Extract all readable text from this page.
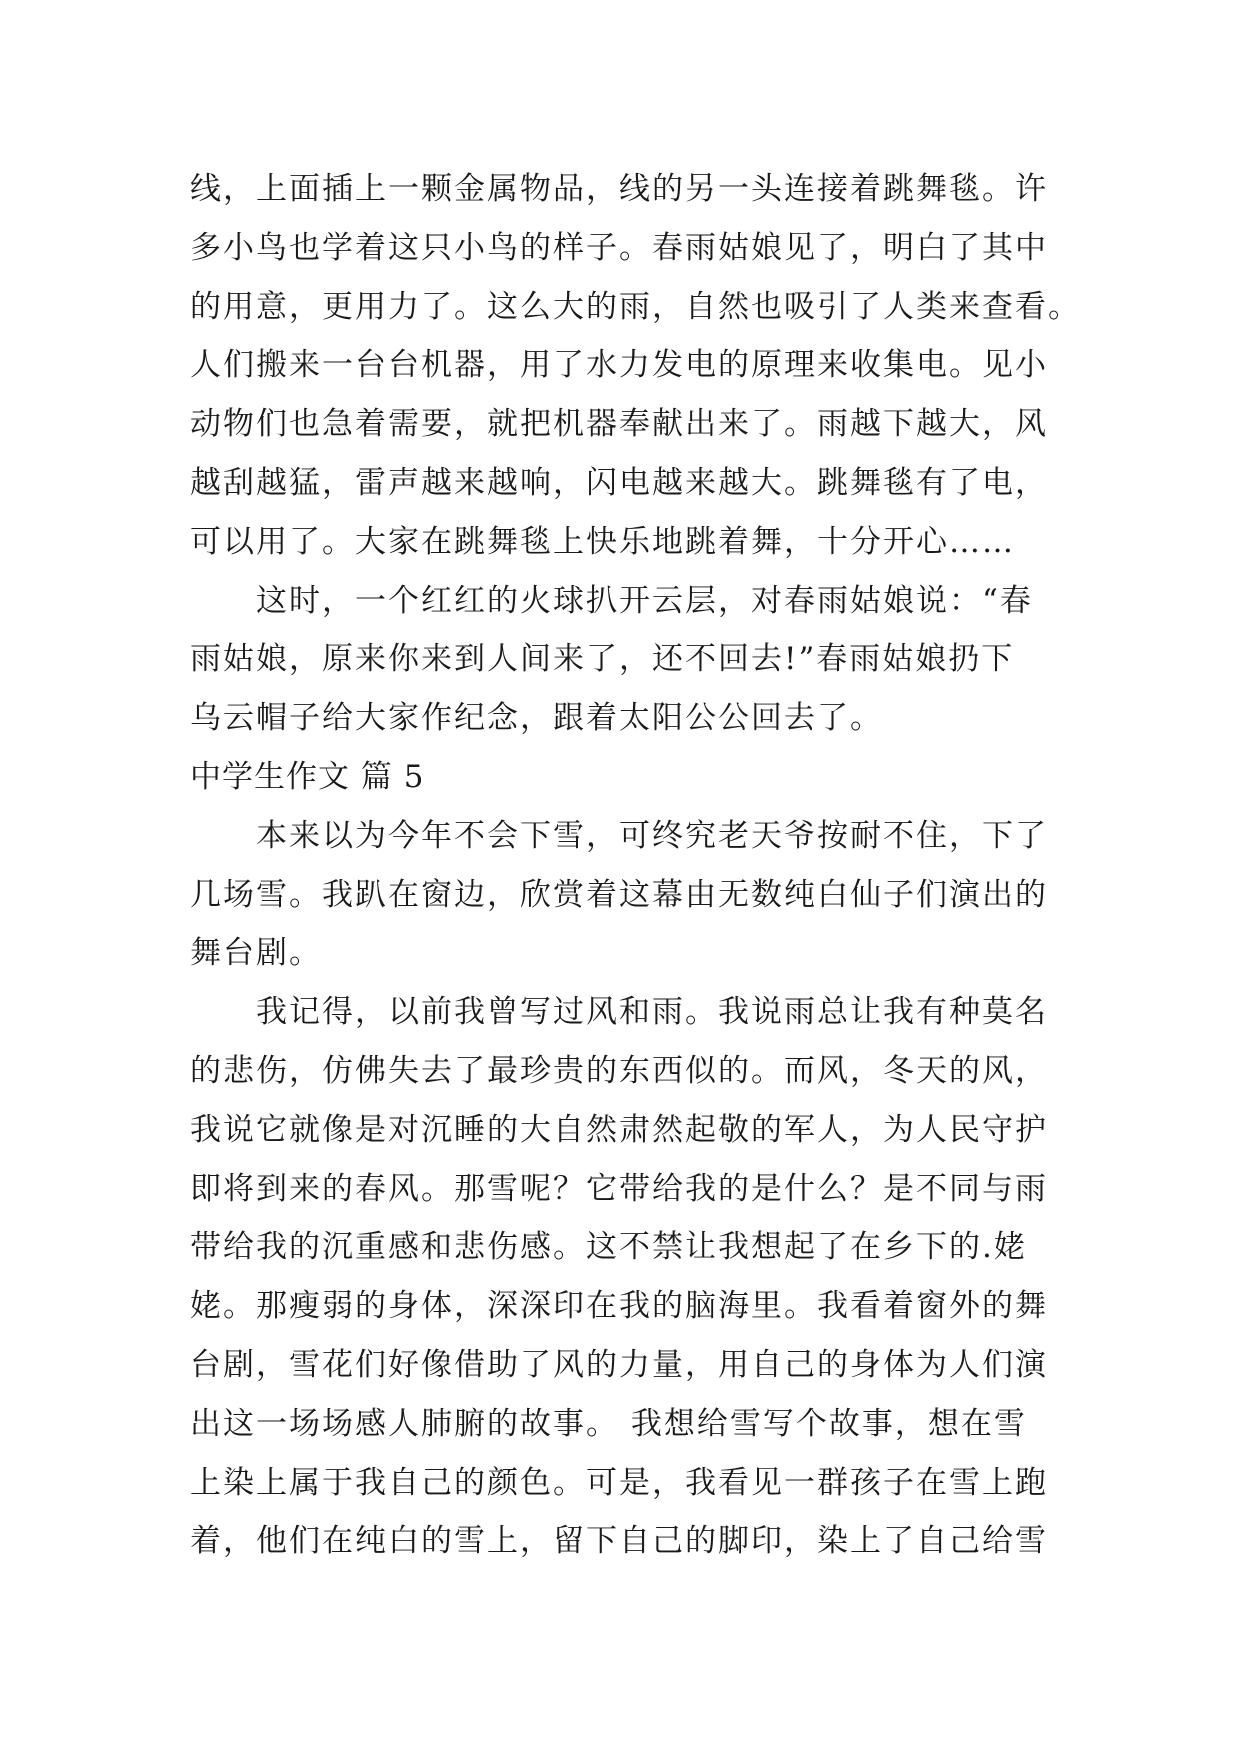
线，上面插上一颗金属物品，线的另一头连接着跳舞毯。许
多小鸟也学着这只小鸟的样子。春雨姑娘见了，明白了其中
的用意，更用力了。这么大的雨，自然也吸引了人类来查看。
人们搬来一台台机器，用了水力发电的原理来收集电。见小
动物们也急着需要，就把机器奉献出来了。雨越下越大，风
越刮越猛，雷声越来越响，闪电越来越大。跳舞毯有了电，
可以用了。大家在跳舞毯上快乐地跳着舞，十分开心……
这时，一个红红的火球扒开云层，对春雨姑娘说：“春
雨姑娘，原来你来到人间来了，还不回去!”春雨姑娘扔下
乌云帽子给大家作纪念，跟着太阳公公回去了。
中学生作文 篇 5
本来以为今年不会下雪，可终究老天爷按耐不住，下了
几场雪。我趴在窗边，欣赏着这幕由无数纯白仙子们演出的
舞台剧。
我记得，以前我曾写过风和雨。我说雨总让我有种莫名
的悲伤，仿佛失去了最珍贵的东西似的。而风，冬天的风，
我说它就像是对沉睡的大自然肃然起敬的军人，为人民守护
即将到来的春风。那雪呢？它带给我的是什么？是不同与雨
带给我的沉重感和悲伤感。这不禁让我想起了在乡下的.姥
姥。那瘦弱的身体，深深印在我的脑海里。我看着窗外的舞
台剧，雪花们好像借助了风的力量，用自己的身体为人们演
出这一场场感人肺腑的故事。 我想给雪写个故事，想在雪
上染上属于我自己的颜色。可是，我看见一群孩子在雪上跑
着，他们在纯白的雪上，留下自己的脚印，染上了自己给雪
